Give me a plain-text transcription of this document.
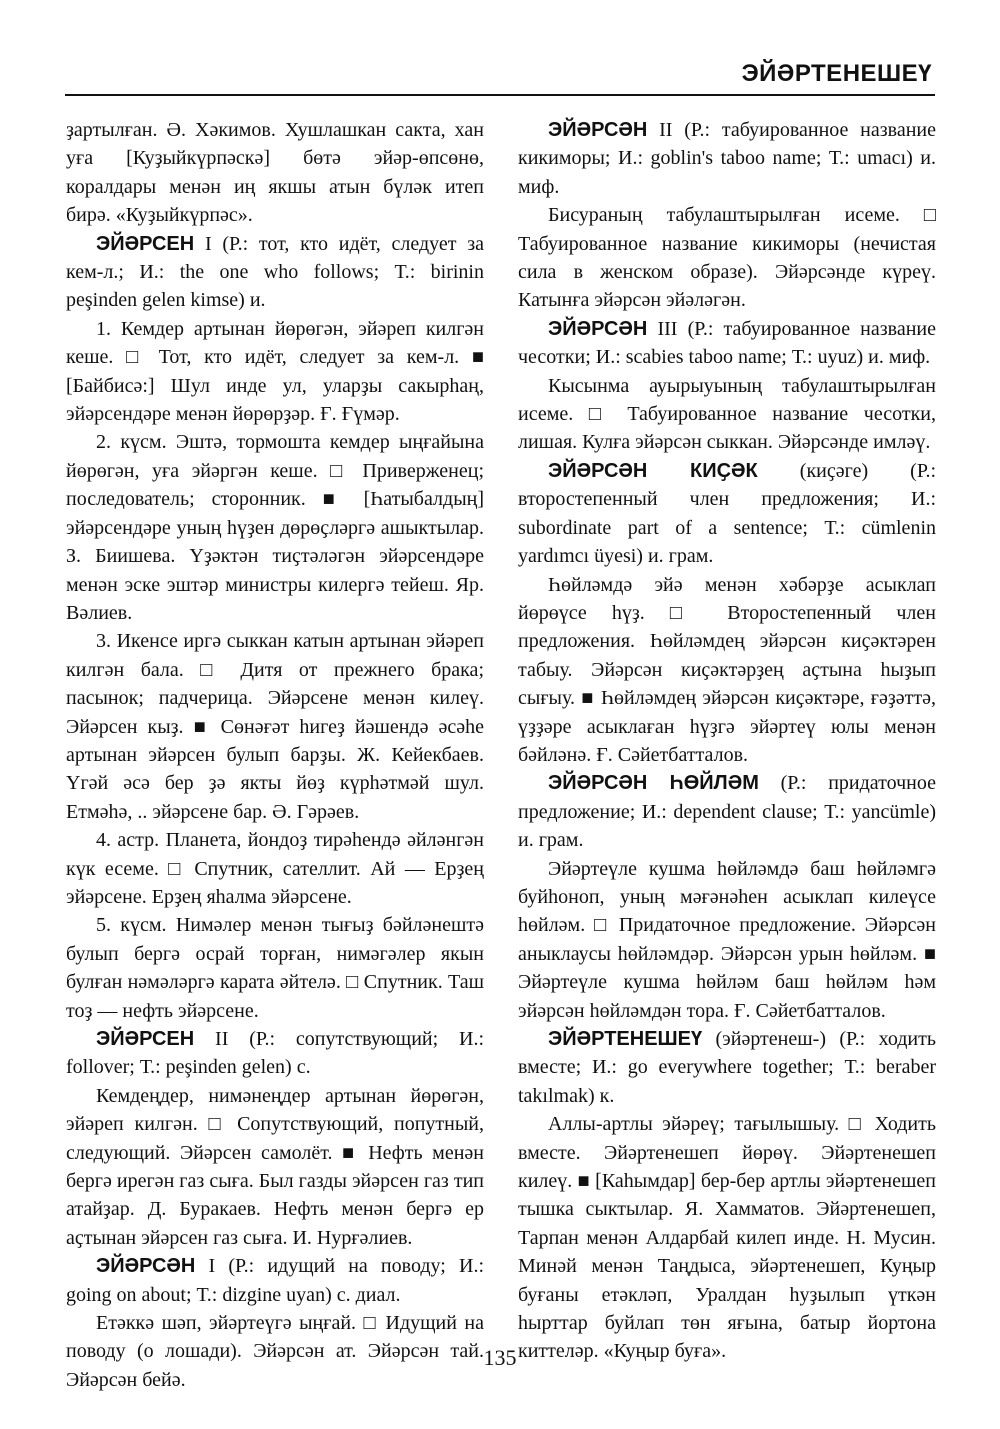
ЭЙӘРТЕНЕШЕҮ

ҙартылған. Ә. Хәкимов. Хушлашкан сакта, хан уға [Куҙыйкүрпәскә] бөтә эйәр-өпсөнө, коралдары менән иң якшы атын бүләк итеп бирә. «Куҙыйкүрпәс».

ЭЙӘРСЕН I (Р.: тот, кто идёт, следует за кем-л.; И.: the one who follows; Т.: birinin peşinden gelen kimse) и.

1. Кемдер артынан йөрөгән, эйәреп килгән кеше. □ Тот, кто идёт, следует за кем-л. ■ [Байбисә:] Шул инде ул, уларҙы сакырһаң, эйәрсендәре менән йөрөрҙәр. Ғ. Ғүмәр.

2. күсм. Эштә, тормошта кемдер ыңғайына йөрөгән, уға эйәргән кеше. □ Приверженец; последователь; сторонник. ■ [Һатыбалдың] эйәрсендәре уның һүҙен дөрөҫләргә ашыктылар. З. Биишева. Үҙәктән тиҫтәләгән эйәрсендәре менән эске эштәр министры килергә тейеш. Яр. Вәлиев.

3. Икенсе иргә сыккан катын артынан эйәреп килгән бала. □ Дитя от прежнего брака; пасынок; падчерица. Эйәрсене менән килеү. Эйәрсен кыҙ. ■ Сөнәғәт һигеҙ йәшендә әсәһе артынан эйәрсен булып барҙы. Ж. Кейекбаев. Үгәй әсә бер ҙә якты йөҙ күрһәтмәй шул. Етмәһә, .. эйәрсене бар. Ә. Гәрәев.

4. астр. Планета, йондоҙ тирәһендә әйләнгән күк есеме. □ Спутник, сателлит. Ай — Ерҙең эйәрсене. Ерҙең яһалма эйәрсене.

5. күсм. Нимәлер менән тығыҙ бәйләнештә булып бергә осрай торған, нимәгәлер якын булған нәмәләргә карата әйтелә. □ Спутник. Таш тоҙ — нефть эйәрсене.

ЭЙӘРСЕН II (Р.: сопутствующий; И.: follover; Т.: peşinden gelen) с.

Кемдеңдер, нимәнеңдер артынан йөрөгән, эйәреп килгән. □ Сопутствующий, попутный, следующий. Эйәрсен самолёт. ■ Нефть менән бергә ирегән газ сыға. Был газды эйәрсен газ тип атайҙар. Д. Буракаев. Нефть менән бергә ер аҫтынан эйәрсен газ сыға. И. Нурғәлиев.

ЭЙӘРСӘН I (Р.: идущий на поводу; И.: going on about; Т.: dizgine uyan) с. диал.

Етәккә шәп, эйәртеүгә ыңғай. □ Идущий на поводу (о лошади). Эйәрсән ат. Эйәрсән тай. Эйәрсән бейә.

ЭЙӘРСӘН II (Р.: табуированное название кикиморы; И.: goblin's taboo name; Т.: umacı) и. миф.

Бисураның табулаштырылған исеме. □ Табуированное название кикиморы (нечистая сила в женском образе). Эйәрсәнде күреү. Катынға эйәрсән эйәләгән.

ЭЙӘРСӘН III (Р.: табуированное название чесотки; И.: scabies taboo name; Т.: uyuz) и. миф.

Кысынма ауырыуының табулаштырылған исеме. □ Табуированное название чесотки, лишая. Кулға эйәрсән сыккан. Эйәрсәнде имләү.

ЭЙӘРСӘН КИҪӘК (киҫәге) (Р.: второстепенный член предложения; И.: subordinate part of a sentence; Т.: cümlenin yardımcı üyesi) и. грам.

Һөйләмдә эйә менән хәбәрҙе асыклап йөрөүсе һүҙ. □ Второстепенный член предложения. Һөйләмдең эйәрсән киҫәктәрен табыу. Эйәрсән киҫәктәрҙең аҫтына һыҙып сығыу. ■ Һөйләмдең эйәрсән киҫәктәре, ғәҙәттә, үҙҙәре асыклаған һүҙгә эйәртеү юлы менән бәйләнә. Ғ. Сәйетбатталов.

ЭЙӘРСӘН ҺӨЙЛӘМ (Р.: придаточное предложение; И.: dependent clause; Т.: yancümle) и. грам.

Эйәртеүле кушма һөйләмдә баш һөйләмгә буйһоноп, уның мәғәнәһен асыклап килеүсе һөйләм. □ Придаточное предложение. Эйәрсән аныклаусы һөйләмдәр. Эйәрсән урын һөйләм. ■ Эйәртеүле кушма һөйләм баш һөйләм һәм эйәрсән һөйләмдән тора. Ғ. Сәйетбатталов.

ЭЙӘРТЕНЕШЕҮ (эйәртенеш-) (Р.: ходить вместе; И.: go everywhere together; Т.: beraber takılmak) к.

Аллы-артлы эйәреү; тағылышыу. □ Ходить вместе. Эйәртенешеп йөрөү. Эйәртенешеп килеү. ■ [Каһымдар] бер-бер артлы эйәртенешеп тышка сыктылар. Я. Хамматов. Эйәртенешеп, Тарпан менән Алдарбай килеп инде. Н. Мусин. Минәй менән Таңдыса, эйәртенешеп, Куңыр буғаны етәкләп, Уралдан һуҙылып үткән һырттар буйлап төн яғына, батыр йортона киттеләр. «Куңыр буға».

135
